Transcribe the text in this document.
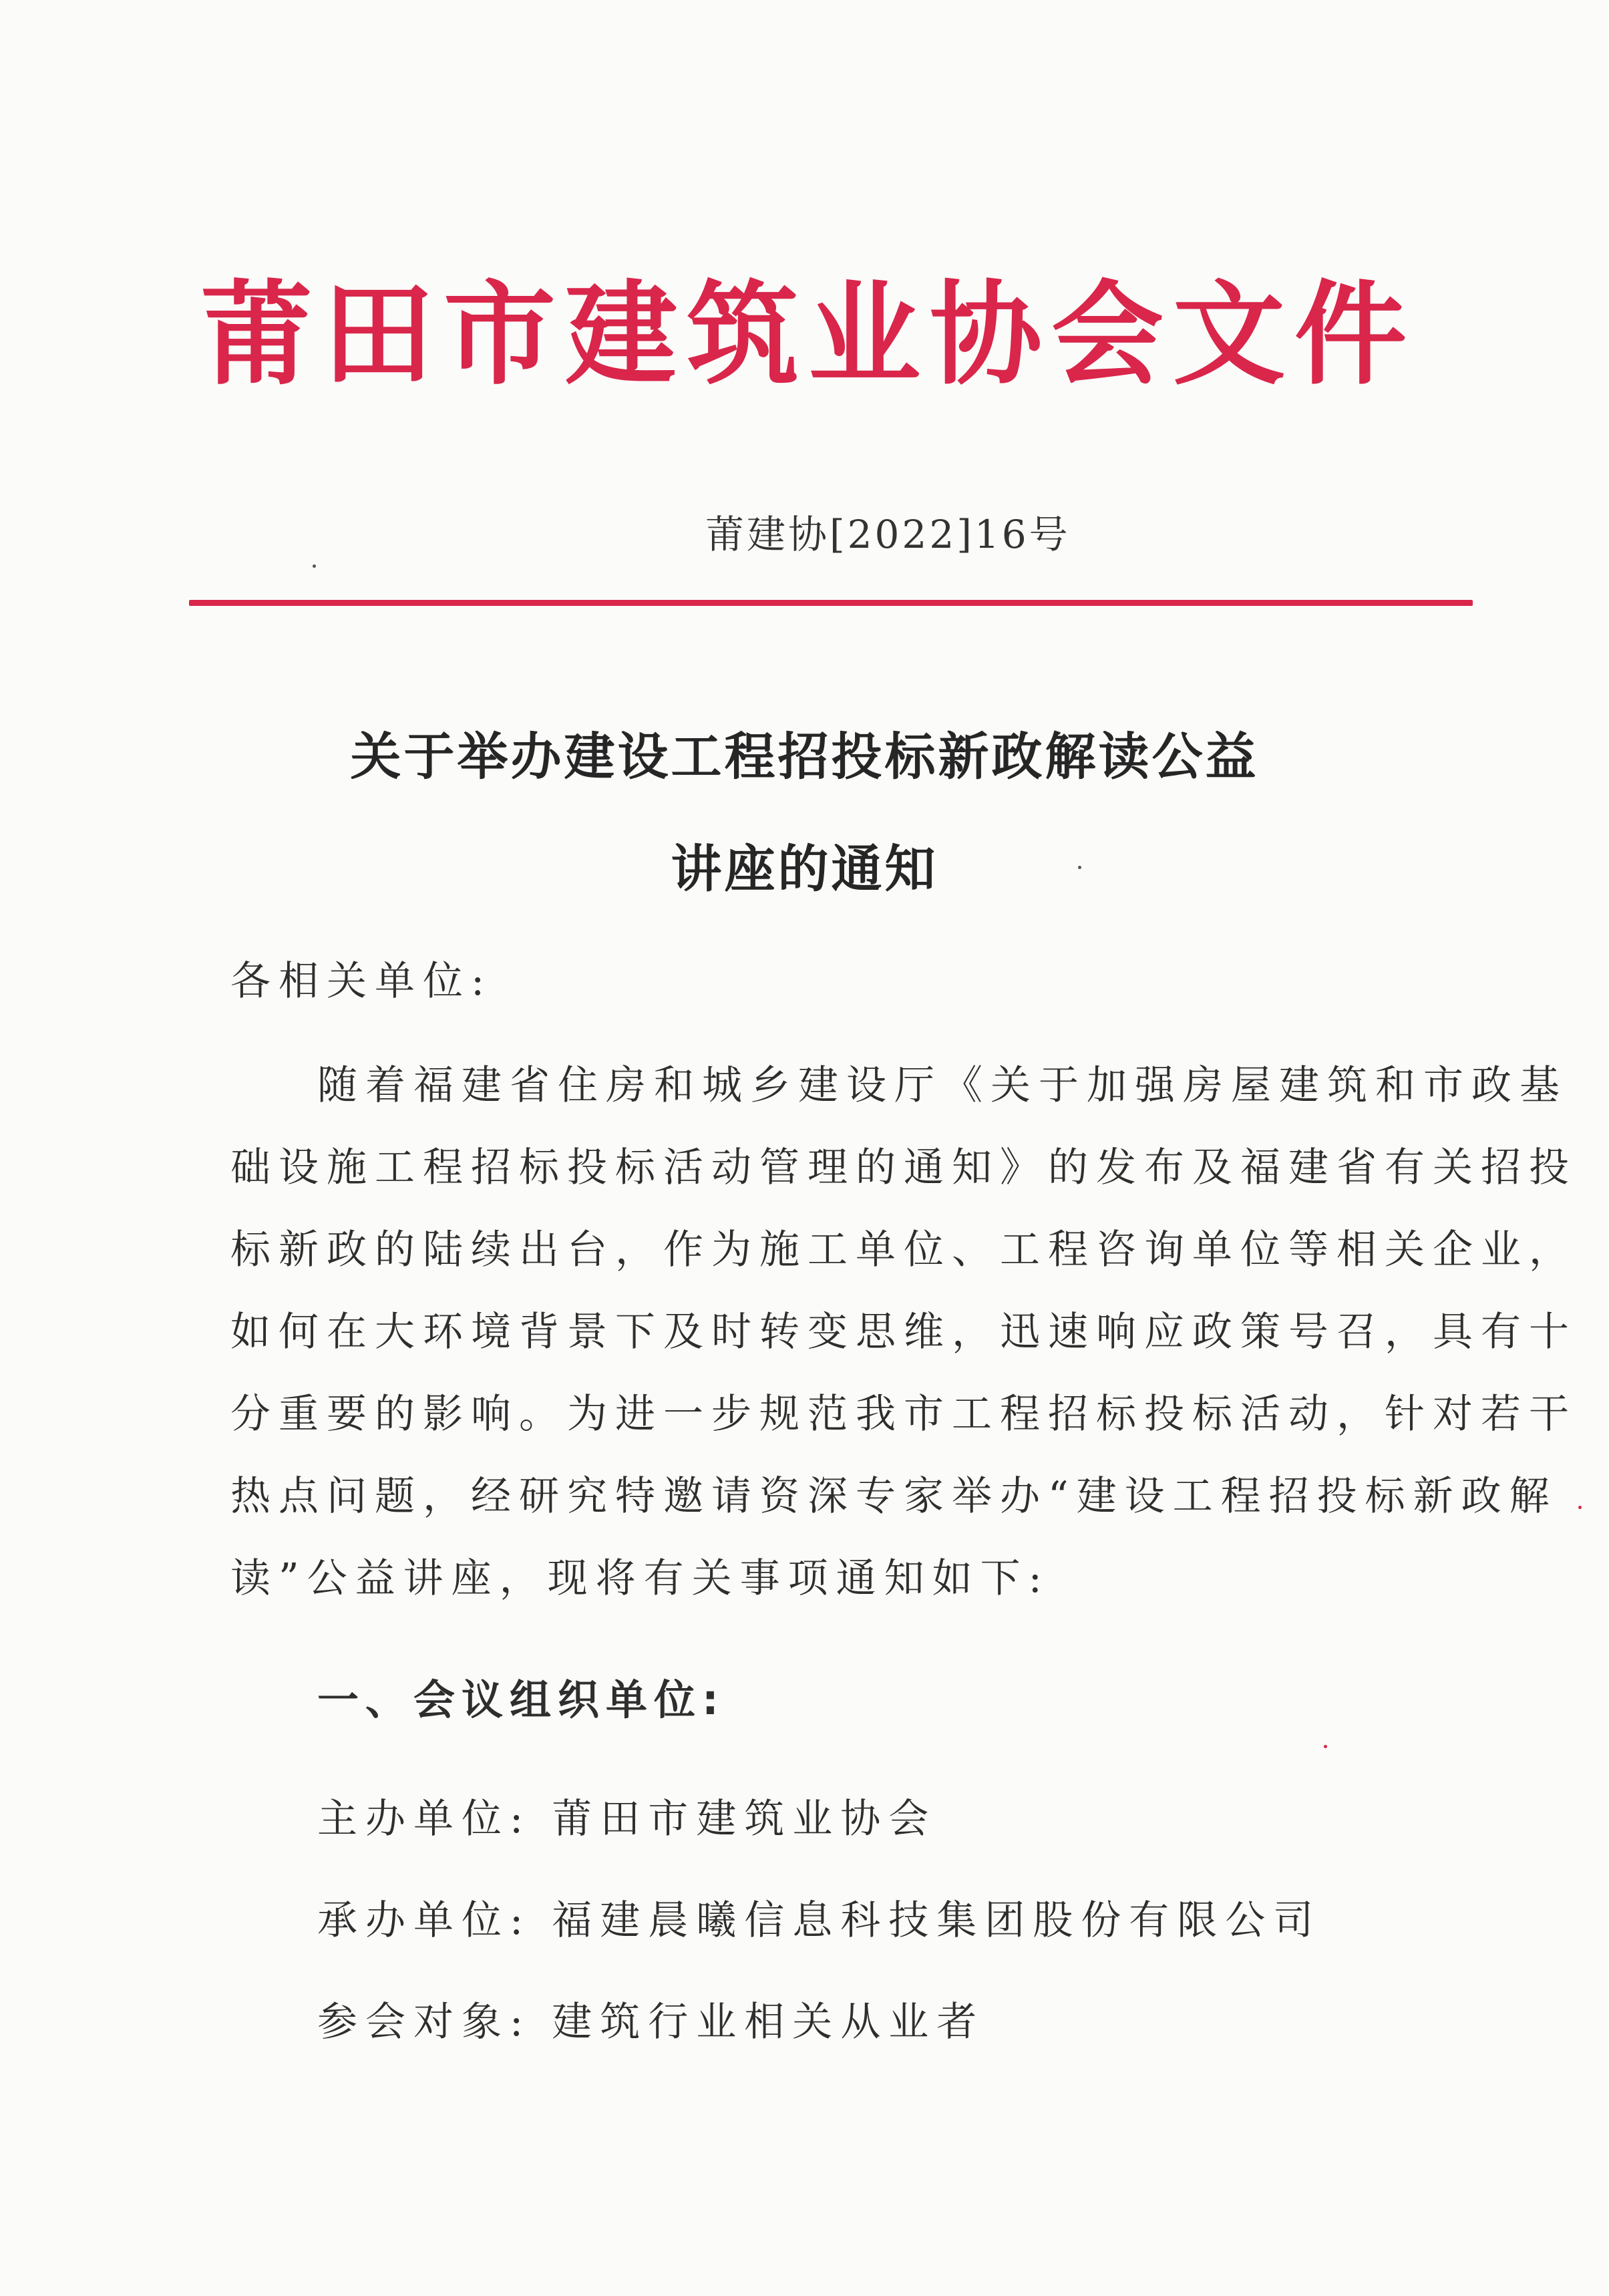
莆田市建筑业协会文件
莆建协[2022]16号
关于举办建设工程招投标新政解读公益
讲座的通知

各相关单位:

随着福建省住房和城乡建设厅《关于加强房屋建筑和市政基

础设施工程招标投标活动管理的通知》的发布及福建省有关招投

标新政的陆续出台，作为施工单位、工程咨询单位等相关企业，

如何在大环境背景下及时转变思维，迅速响应政策号召，具有十

分重要的影响。为进一步规范我市工程招标投标活动，针对若干

热点问题，经研究特邀请资深专家举办“建设工程招投标新政解

读”公益讲座，现将有关事项通知如下:

一、会议组织单位:

主办单位: 莆田市建筑业协会

承办单位: 福建晨曦信息科技集团股份有限公司

参会对象: 建筑行业相关从业者
